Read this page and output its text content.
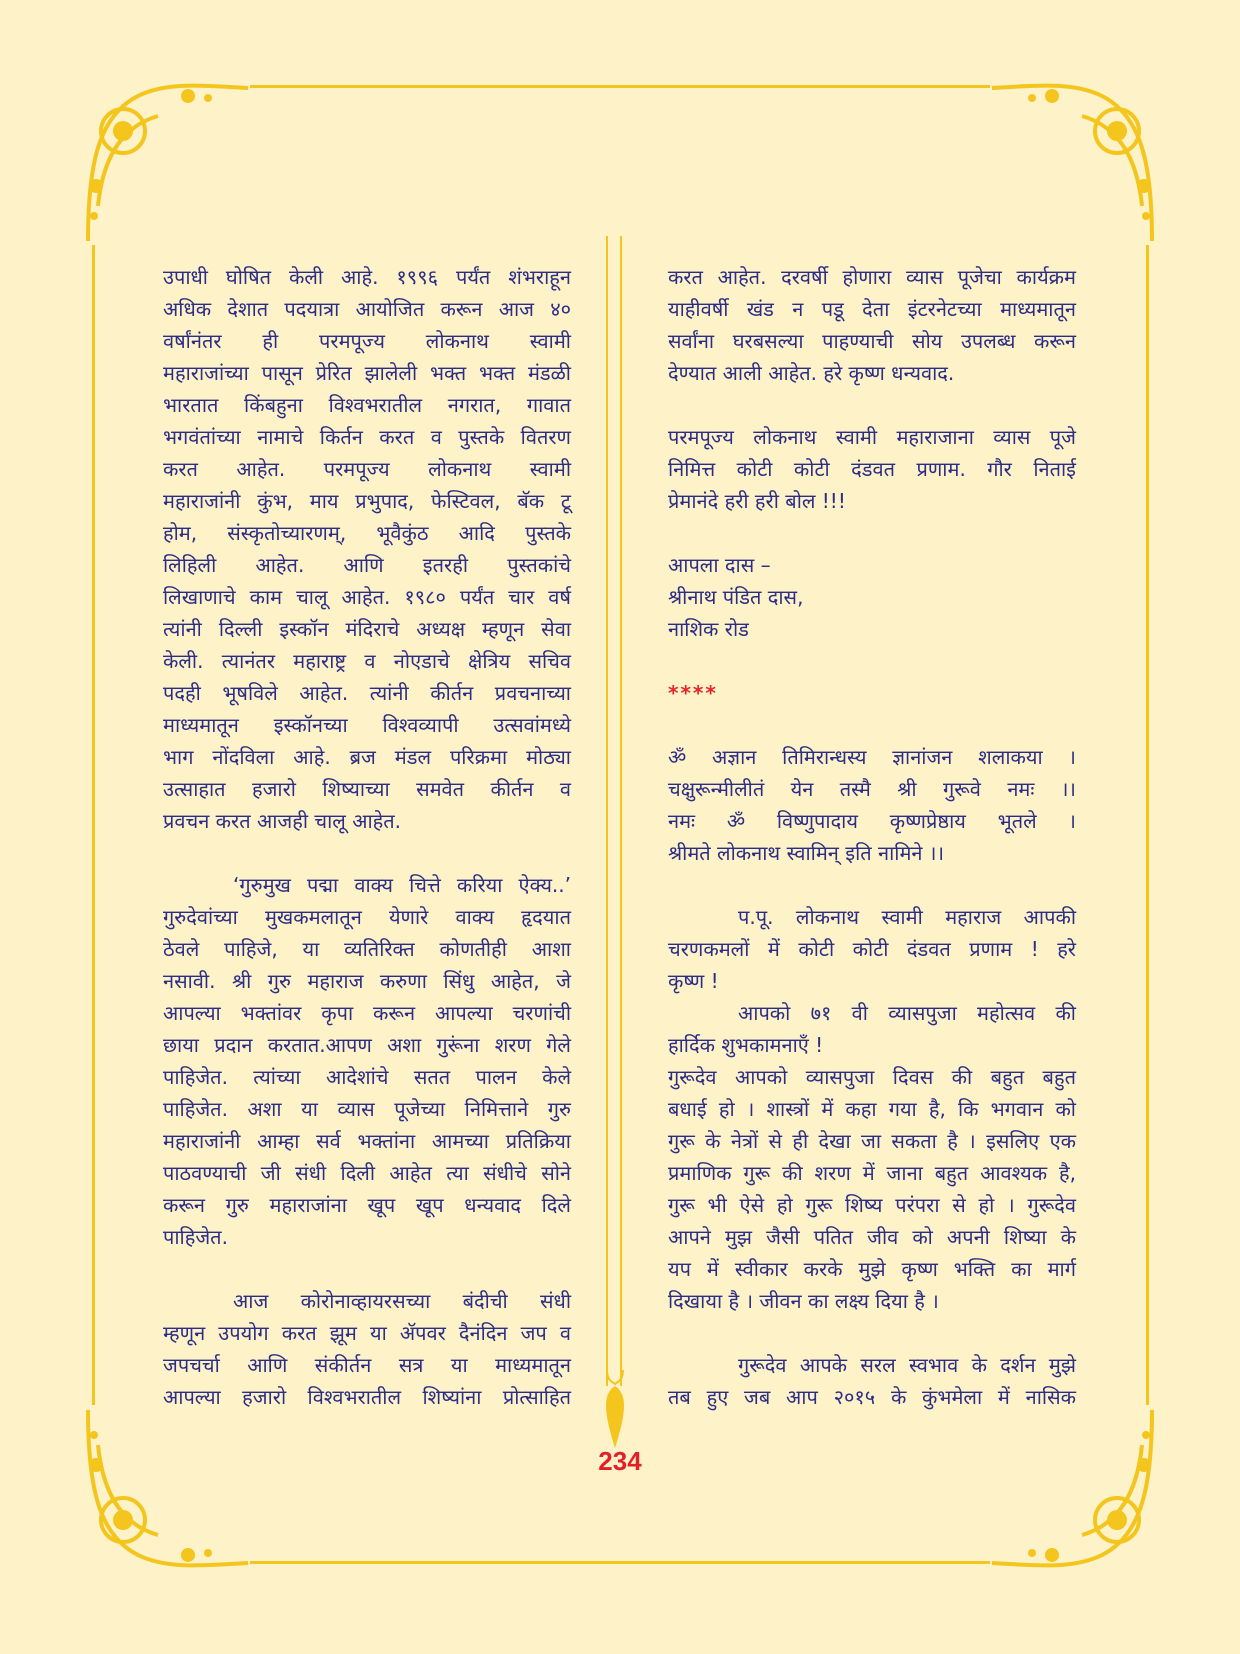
उपाधी घोषित केली आहे. १९९६ पर्यंत शंभराहून
अधिक देशात पदयात्रा आयोजित करून आज ४०
वर्षांनंतर ही परमपूज्य लोकनाथ स्वामी
महाराजांच्या पासून प्रेरित झालेली भक्त भक्त मंडळी
भारतात किंबहुना विश्वभरातील नगरात, गावात
भगवंतांच्या नामाचे किर्तन करत व पुस्तके वितरण
करत आहेत. परमपूज्य लोकनाथ स्वामी
महाराजांनी कुंभ, माय प्रभुपाद, फेस्टिवल, बॅक टू
होम, संस्कृतोच्यारणम्, भूवैकुंठ आदि पुस्तके
लिहिली आहेत. आणि इतरही पुस्तकांचे
लिखाणाचे काम चालू आहेत. १९८० पर्यंत चार वर्ष
त्यांनी दिल्ली इस्कॉन मंदिराचे अध्यक्ष म्हणून सेवा
केली. त्यानंतर महाराष्ट्र व नोएडाचे क्षेत्रिय सचिव
पदही भूषविले आहेत. त्यांनी कीर्तन प्रवचनाच्या
माध्यमातून इस्कॉनच्या विश्वव्यापी उत्सवांमध्ये
भाग नोंदविला आहे. ब्रज मंडल परिक्रमा मोठ्या
उत्साहात हजारो शिष्याच्या समवेत कीर्तन व
प्रवचन करत आजही चालू आहेत.
‘गुरुमुख पद्मा वाक्य चित्ते करिया ऐक्य..’
गुरुदेवांच्या मुखकमलातून येणारे वाक्य हृदयात
ठेवले पाहिजे, या व्यतिरिक्त कोणतीही आशा
नसावी. श्री गुरु महाराज करुणा सिंधु आहेत, जे
आपल्या भक्तांवर कृपा करून आपल्या चरणांची
छाया प्रदान करतात.आपण अशा गुरूंना शरण गेले
पाहिजेत. त्यांच्या आदेशांचे सतत पालन केले
पाहिजेत. अशा या व्यास पूजेच्या निमित्ताने गुरु
महाराजांनी आम्हा सर्व भक्तांना आमच्या प्रतिक्रिया
पाठवण्याची जी संधी दिली आहेत त्या संधीचे सोने
करून गुरु महाराजांना खूप खूप धन्यवाद दिले
पाहिजेत.
आज कोरोनाव्हायरसच्या बंदीची संधी
म्हणून उपयोग करत झूम या ॲपवर दैनंदिन जप व
जपचर्चा आणि संकीर्तन सत्र या माध्यमातून
आपल्या हजारो विश्वभरातील शिष्यांना प्रोत्साहित
करत आहेत. दरवर्षी होणारा व्यास पूजेचा कार्यक्रम
याहीवर्षी खंड न पडू देता इंटरनेटच्या माध्यमातून
सर्वांना घरबसल्या पाहण्याची सोय उपलब्ध करून
देण्यात आली आहेत. हरे कृष्ण धन्यवाद.
परमपूज्य लोकनाथ स्वामी महाराजाना व्यास पूजे
निमित्त कोटी कोटी दंडवत प्रणाम. गौर निताई
प्रेमानंदे हरी हरी बोल !!!
आपला दास –
श्रीनाथ पंडित दास,
नाशिक रोड
****
ॐ अज्ञान तिमिरान्धस्य ज्ञानांजन शलाकया ।
चक्षुरून्मीलीतं येन तस्मै श्री गुरूवे नमः ।।
नमः ॐ विष्णुपादाय कृष्णप्रेष्ठाय भूतले ।
श्रीमते लोकनाथ स्वामिन् इति नामिने ।।
प.पू. लोकनाथ स्वामी महाराज आपकी
चरणकमलों में कोटी कोटी दंडवत प्रणाम ! हरे
कृष्ण !
आपको ७१ वी व्यासपुजा महोत्सव की
हार्दिक शुभकामनाएँ !
गुरूदेव आपको व्यासपुजा दिवस की बहुत बहुत
बधाई हो । शास्त्रों में कहा गया है, कि भगवान को
गुरू के नेत्रों से ही देखा जा सकता है । इसलिए एक
प्रमाणिक गुरू की शरण में जाना बहुत आवश्यक है,
गुरू भी ऐसे हो गुरू शिष्य परंपरा से हो । गुरूदेव
आपने मुझ जैसी पतित जीव को अपनी शिष्या के
यप में स्वीकार करके मुझे कृष्ण भक्ति का मार्ग
दिखाया है । जीवन का लक्ष्य दिया है ।
गुरूदेव आपके सरल स्वभाव के दर्शन मुझे
तब हुए जब आप २०१५ के कुंभमेला में नासिक
234
